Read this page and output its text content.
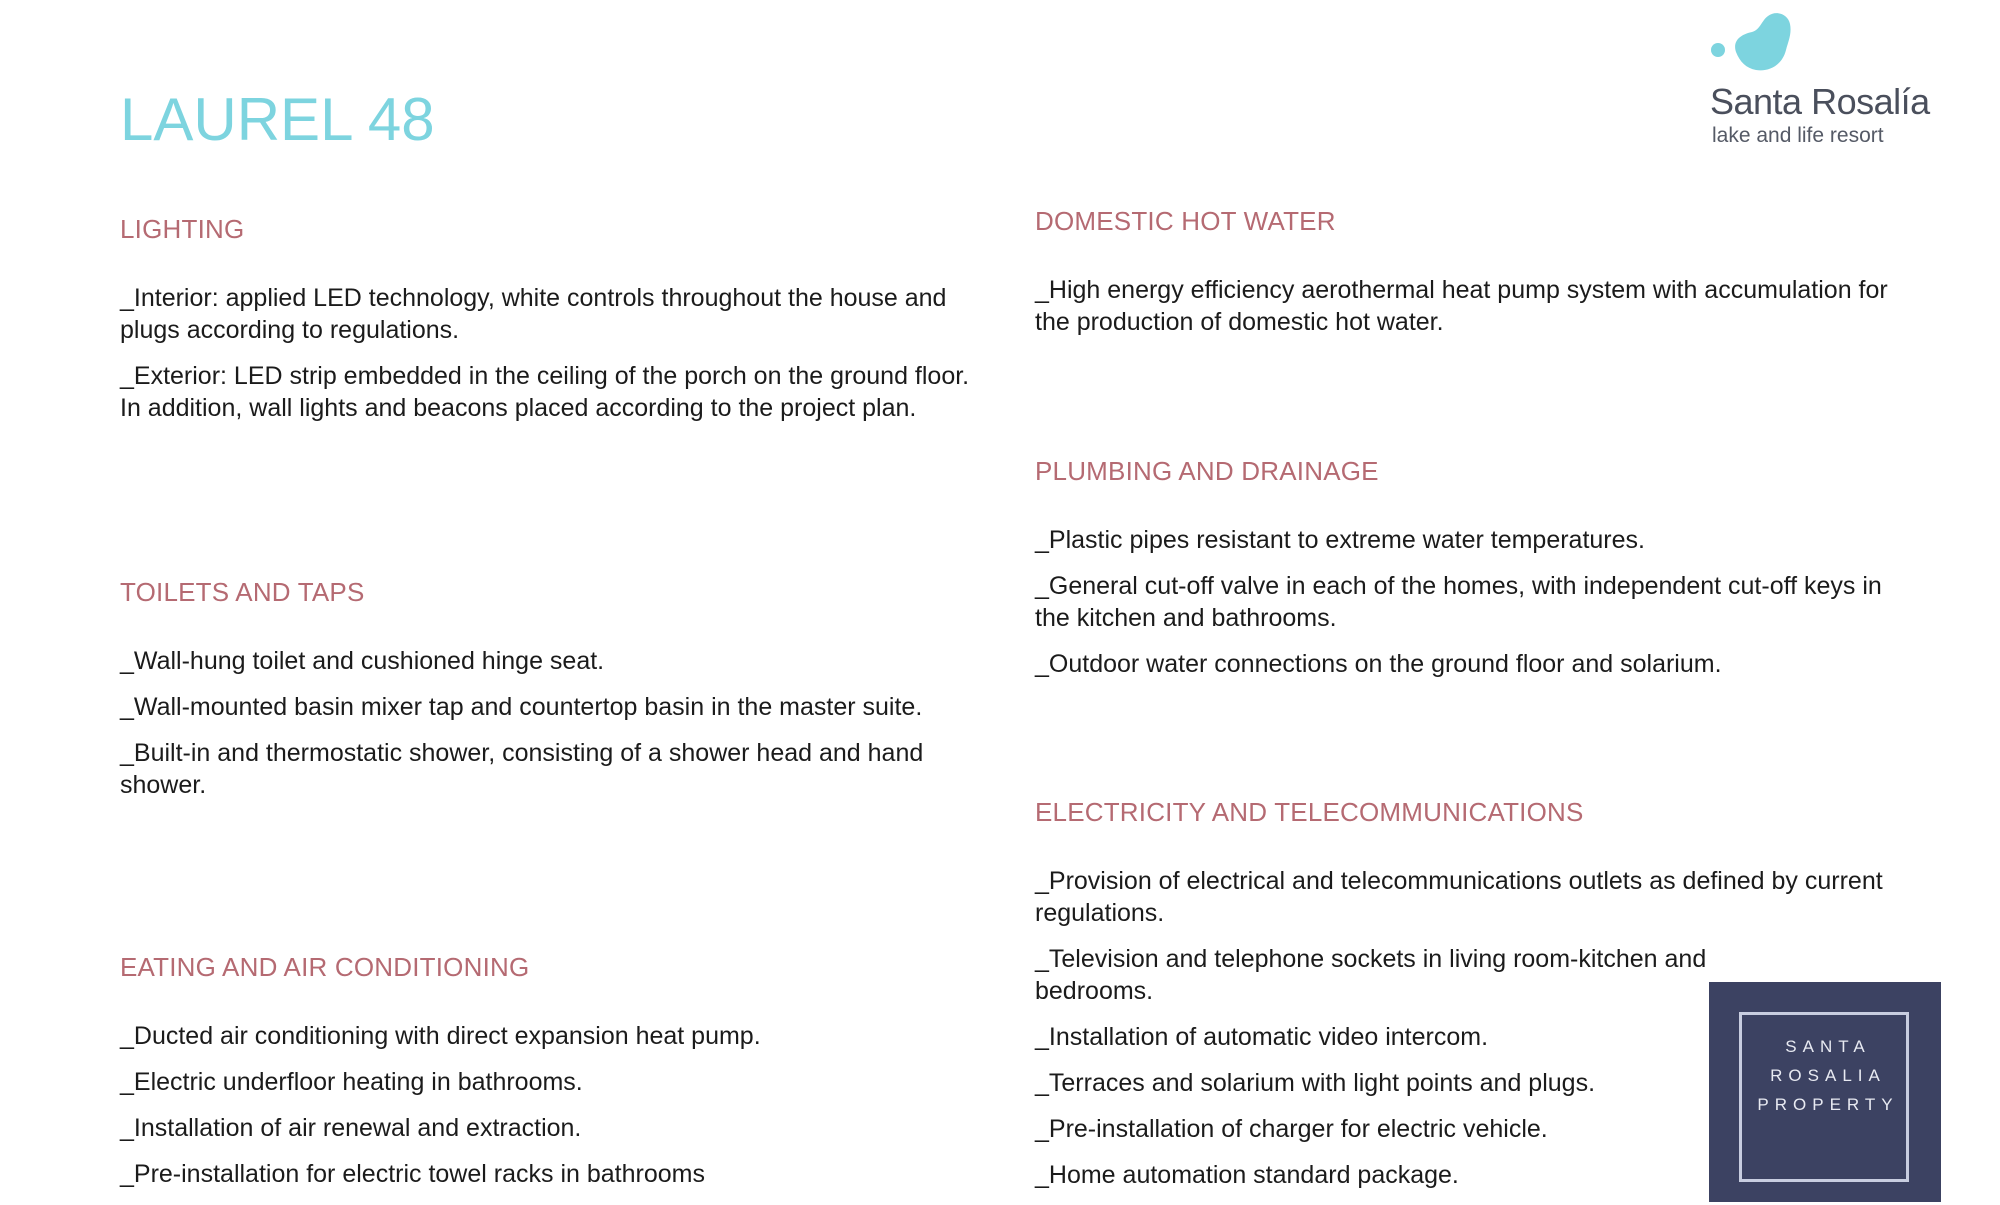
LAUREL 48	Santa Rosalía
lake and life resort
LIGHTING
_Interior: applied LED technology, white controls throughout the house and plugs according to regulations.
_Exterior: LED strip embedded in the ceiling of the porch on the ground floor. In addition, wall lights and beacons placed according to the project plan.
TOILETS AND TAPS
_Wall-hung toilet and cushioned hinge seat.
_Wall-mounted basin mixer tap and countertop basin in the master suite.
_Built-in and thermostatic shower, consisting of a shower head and hand shower.
EATING AND AIR CONDITIONING
_Ducted air conditioning with direct expansion heat pump.
_Electric underfloor heating in bathrooms.
_Installation of air renewal and extraction.
_Pre-installation for electric towel racks in bathrooms
DOMESTIC HOT WATER
_High energy efficiency aerothermal heat pump system with accumulation for the production of domestic hot water.
PLUMBING AND DRAINAGE
_Plastic pipes resistant to extreme water temperatures.
_General cut-off valve in each of the homes, with independent cut-off keys in the kitchen and bathrooms.
_Outdoor water connections on the ground floor and solarium.
ELECTRICITY AND TELECOMMUNICATIONS
_Provision of electrical and telecommunications outlets as defined by current regulations.
_Television and telephone sockets in living room-kitchen and bedrooms.
_Installation of automatic video intercom.
_Terraces and solarium with light points and plugs.
_Pre-installation of charger for electric vehicle.
_Home automation standard package.
SANTA
ROSALIA
PROPERTY
